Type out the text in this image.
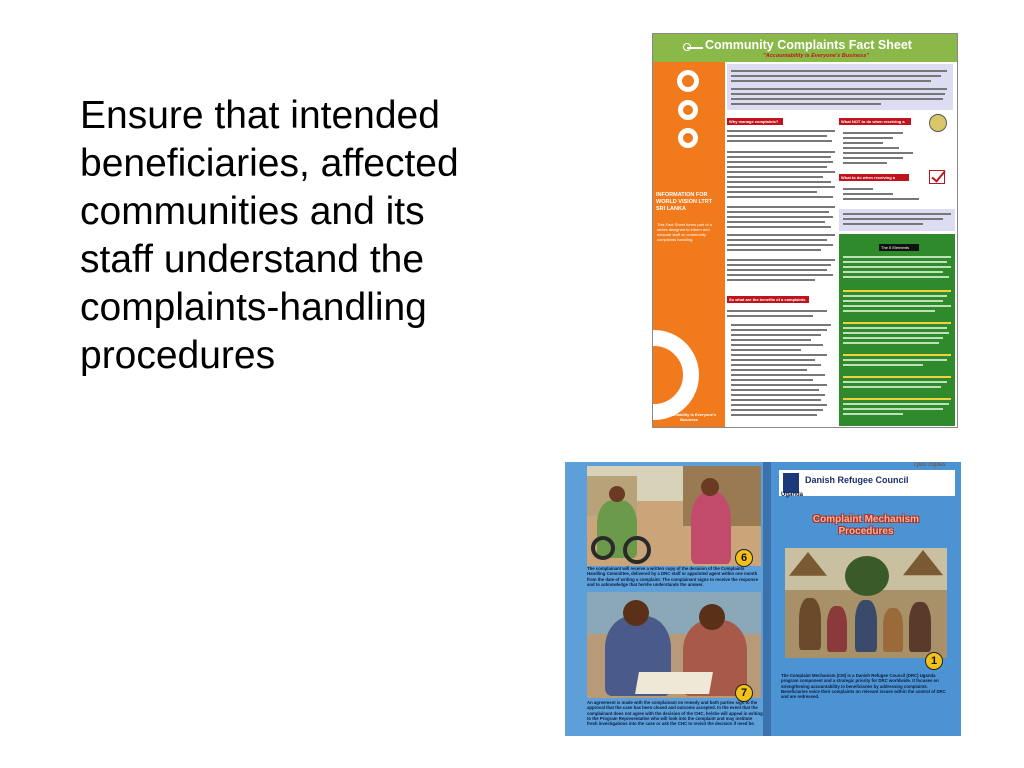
Ensure that intended
beneficiaries, affected
communities and its
staff understand the
complaints-handling
procedures
Community Complaints Fact Sheet
"Accountability is Everyone's Business"
INFORMATION FOR WORLD VISION LTRT SRI LANKA
This Fact Sheet forms part of a series designed to inform and educate staff on community complaints handling.
Accountability is Everyone's Business
Why manage complaints?
So what are the benefits of a complaints system?
What NOT to do when receiving a complaint
What to do when receiving a complaint
The 5 Elements
6
The complainant will receive a written copy of the decision of the Complaints Handling Committee, delivered by a DRC staff or appointed agent within one month from the date of writing a complaint. The complainant signs to receive the response and to acknowledge that he/she understands the answer.
7
An agreement is made with the complainant on remedy and both parties sign to the approval that the case has been closed and outcome accepted. In the event that the complainant does not agree with the decision of the CHC, he/she will appeal in writing to the Program Representative who will look into the complaint and may institute fresh investigations into the case or ask the CHC to revisit the decision if need be.
Tpoo copies
Danish Refugee Council
Uganda
Complaint Mechanism Procedures
1
The Complaint Mechanism (CM) is a Danish Refugee Council (DRC) Uganda program component and a strategic priority for DRC worldwide. It focuses on strengthening accountability to beneficiaries by addressing complaints. Beneficiaries voice their complaints on relevant issues within the control of DRC and are redressed.
